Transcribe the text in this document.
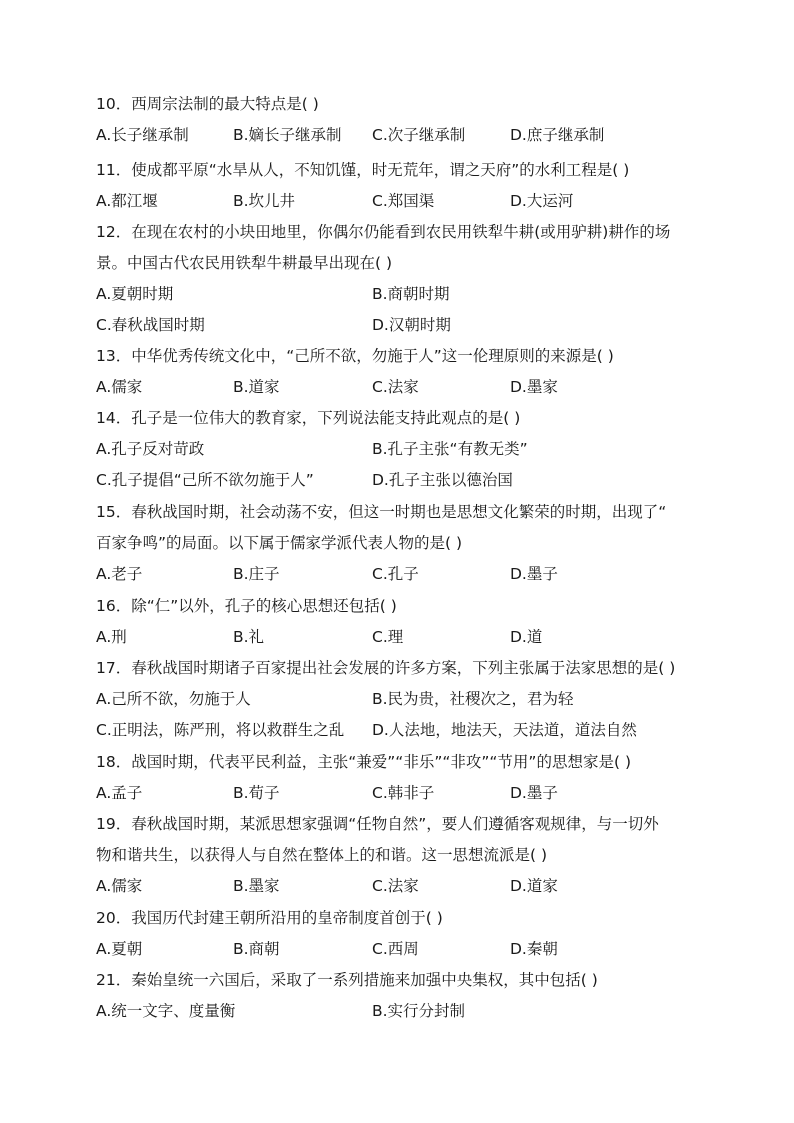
10．西周宗法制的最大特点是( )

A.长子继承制	B.嫡长子继承制 C.次子继承制	D.庶子继承制

11．使成都平原“水旱从人，不知饥馑，时无荒年，谓之天府”的水利工程是( )

A.都江堰	B.坎儿井	C.郑国渠	D.大运河

12．在现在农村的小块田地里，你偶尔仍能看到农民用铁犁牛耕(或用驴耕)耕作的场

景。中国古代农民用铁犁牛耕最早出现在( )

A.夏朝时期	B.商朝时期
C.春秋战国时期	D.汉朝时期

13．中华优秀传统文化中，“己所不欲，勿施于人”这一伦理原则的来源是( )

A.儒家	B.道家	C.法家	D.墨家

14．孔子是一位伟大的教育家，下列说法能支持此观点的是( )

A.孔子反对苛政	B.孔子主张“有教无类”
C.孔子提倡“己所不欲勿施于人”	D.孔子主张以德治国

15．春秋战国时期，社会动荡不安，但这一时期也是思想文化繁荣的时期，出现了“

百家争鸣”的局面。以下属于儒家学派代表人物的是( )

A.老子	B.庄子	C.孔子	D.墨子

16．除“仁”以外，孔子的核心思想还包括( )

A.刑	B.礼	C.理	D.道

17．春秋战国时期诸子百家提出社会发展的许多方案，下列主张属于法家思想的是( )

A.己所不欲，勿施于人	B.民为贵，社稷次之，君为轻
C.正明法，陈严刑，将以救群生之乱 D.人法地，地法天，天法道，道法自然

18．战国时期，代表平民利益，主张“兼爱”“非乐”“非攻”“节用”的思想家是( )

A.孟子	B.荀子	C.韩非子	D.墨子

19．春秋战国时期，某派思想家强调“任物自然”，要人们遵循客观规律，与一切外

物和谐共生，以获得人与自然在整体上的和谐。这一思想流派是( )

A.儒家	B.墨家	C.法家	D.道家

20．我国历代封建王朝所沿用的皇帝制度首创于( )

A.夏朝	B.商朝	C.西周	D.秦朝

21．秦始皇统一六国后，采取了一系列措施来加强中央集权，其中包括( )

A.统一文字、度量衡	B.实行分封制
